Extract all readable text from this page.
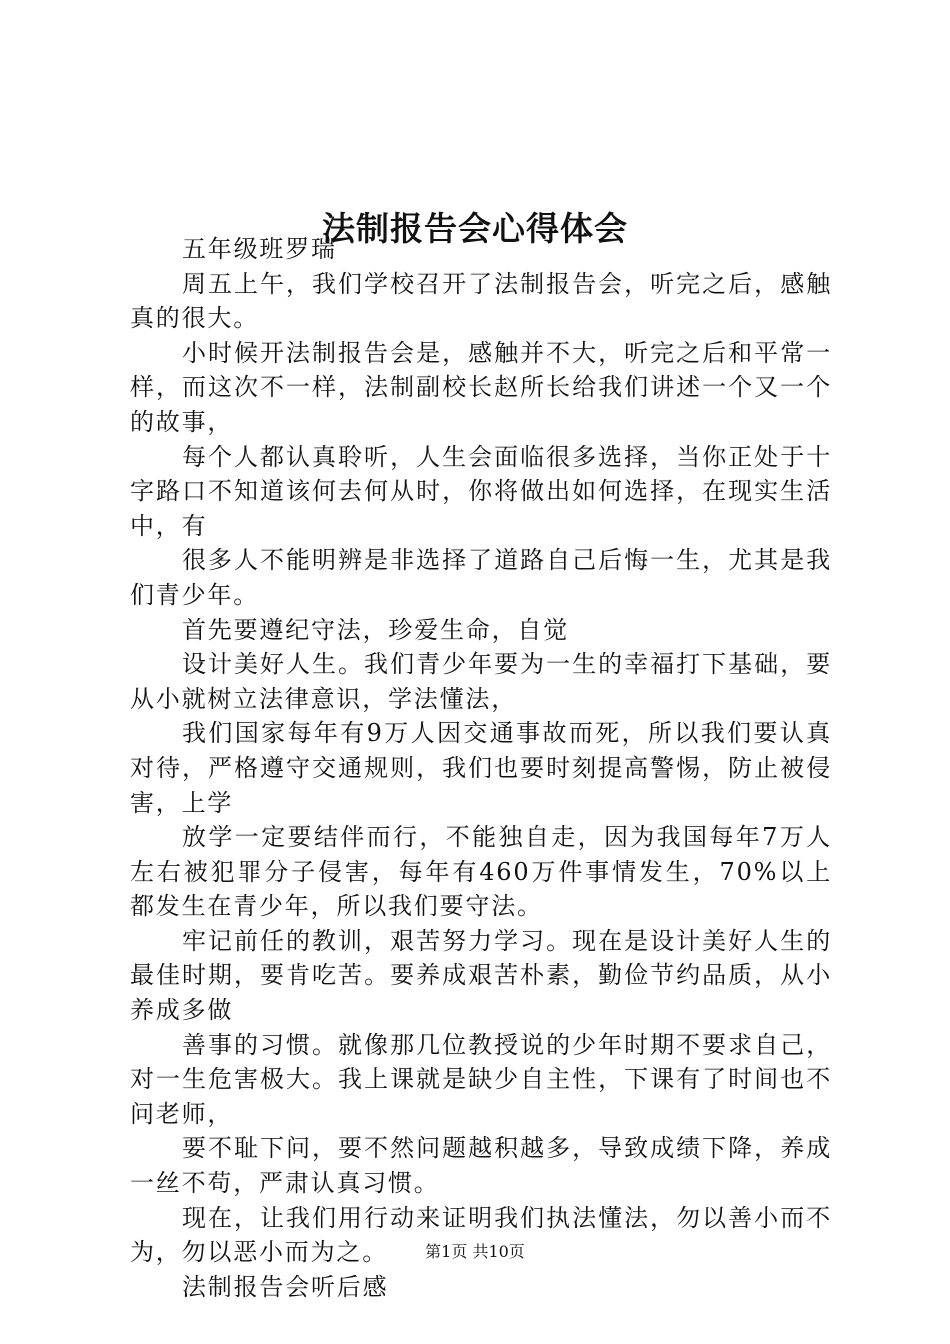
法制报告会心得体会

五年级班罗瑞

周五上午，我们学校召开了法制报告会，听完之后，感触真的很大。

小时候开法制报告会是，感触并不大，听完之后和平常一样，而这次不一样，法制副校长赵所长给我们讲述一个又一个的故事，

每个人都认真聆听，人生会面临很多选择，当你正处于十字路口不知道该何去何从时，你将做出如何选择，在现实生活中，有

很多人不能明辨是非选择了道路自己后悔一生，尤其是我们青少年。

首先要遵纪守法，珍爱生命，自觉

设计美好人生。我们青少年要为一生的幸福打下基础，要从小就树立法律意识，学法懂法，

我们国家每年有9万人因交通事故而死，所以我们要认真对待，严格遵守交通规则，我们也要时刻提高警惕，防止被侵害，上学

放学一定要结伴而行，不能独自走，因为我国每年7万人左右被犯罪分子侵害，每年有460万件事情发生，70%以上都发生在青少年，所以我们要守法。

牢记前任的教训，艰苦努力学习。现在是设计美好人生的最佳时期，要肯吃苦。要养成艰苦朴素，勤俭节约品质，从小养成多做

善事的习惯。就像那几位教授说的少年时期不要求自己，对一生危害极大。我上课就是缺少自主性，下课有了时间也不问老师，

要不耻下问，要不然问题越积越多，导致成绩下降，养成一丝不苟，严肃认真习惯。

现在，让我们用行动来证明我们执法懂法，勿以善小而不为，勿以恶小而为之。

法制报告会听后感

第1页 共10页
